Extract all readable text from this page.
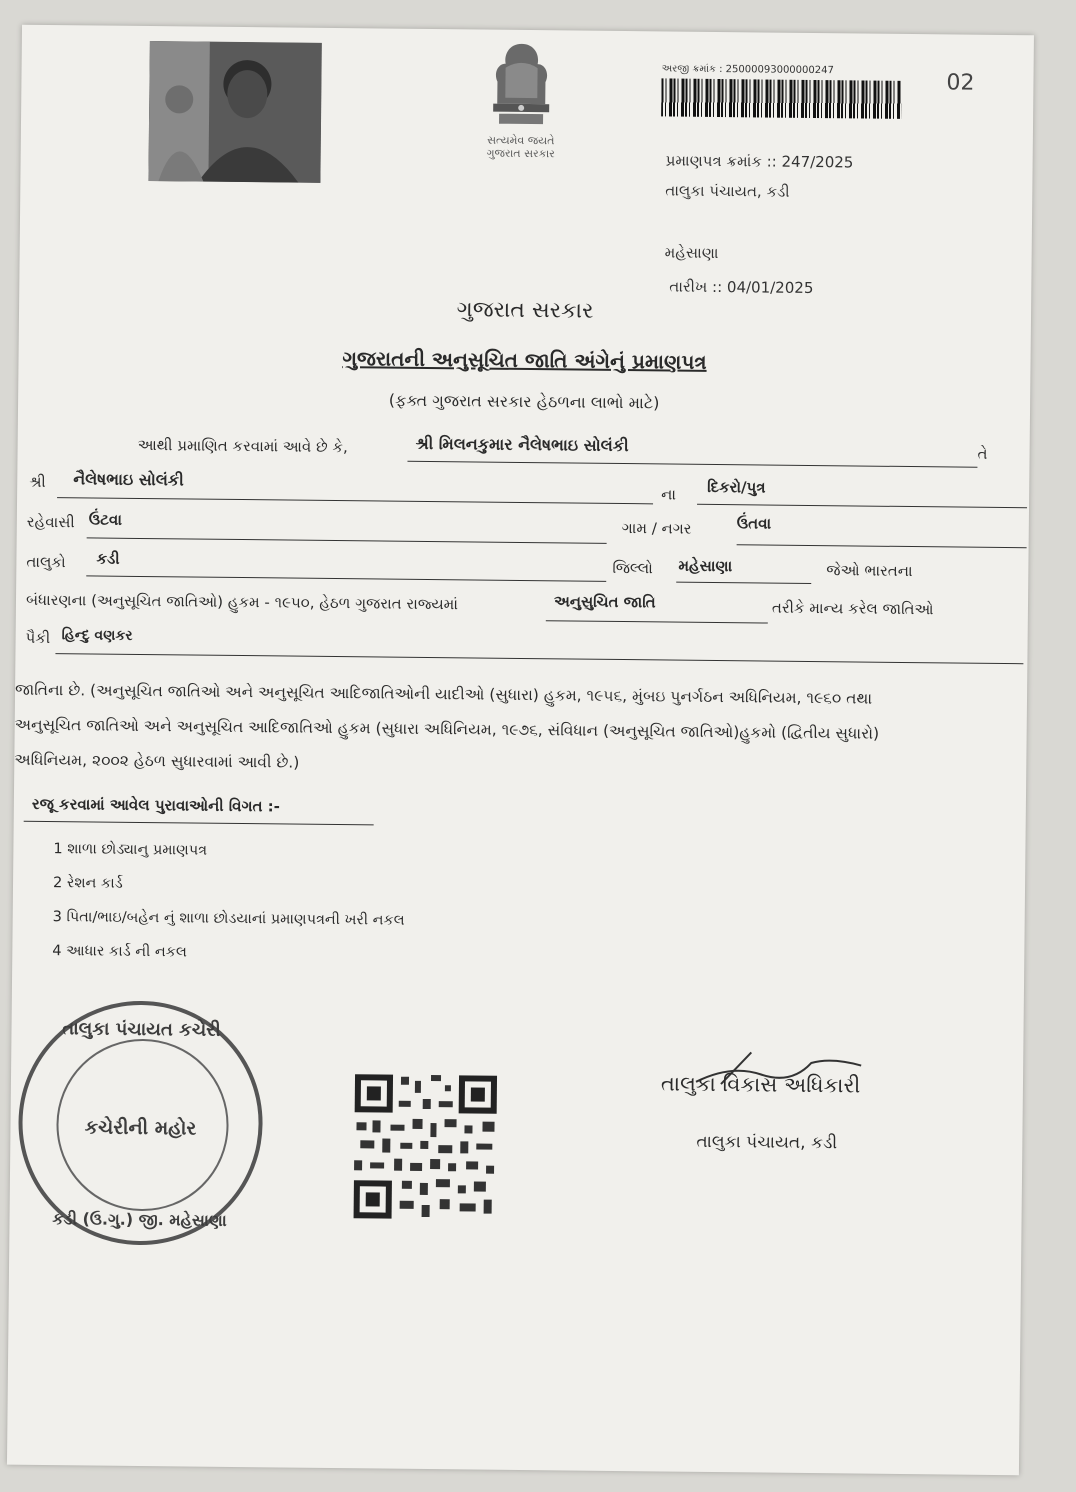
સત્યમેવ જયતે
ગુજરાત સરકાર
અરજી ક્રમાંક : 25000093000000247
02
પ્રમાણપત્ર ક્રમાંક :: 247/2025
તાલુકા પંચાયત, કડી
મહેસાણા
તારીખ :: 04/01/2025
ગુજરાત સરકાર
ગુજરાતની અનુસૂચિત જાતિ અંગેનું પ્રમાણપત્ર
(ફક્ત ગુજરાત સરકાર હેઠળના લાભો માટે)
આથી પ્રમાણિત કરવામાં આવે છે કે,	શ્રી મિલનકુમાર નૈલેષભાઇ સોલંકી	તે
શ્રી નૈલેષભાઇ સોલંકી
ના દિકરો/પુત્ર
રહેવાસી ઉંટવા	ગામ / નગર	ઉંતવા
તાલુકો કડી
જિલ્લો મહેસાણા	જેઓ ભારતના
બંધારણના (અનુસૂચિત જાતિઓ) હુકમ - ૧૯૫૦, હેઠળ ગુજરાત રાજ્યમાં	અનુસુચિત જાતિ	તરીકે માન્ય કરેલ જાતિઓ
પૈકી હિન્દુ વણકર
જાતિના છે. (અનુસૂચિત જાતિઓ અને અનુસૂચિત આદિજાતિઓની યાદીઓ (સુધારા) હુકમ, ૧૯૫૬, મુંબઇ પુનર્ગઠન અધિનિયમ, ૧૯૬૦ તથા
અનુસૂચિત જાતિઓ અને અનુસૂચિત આદિજાતિઓ હુકમ (સુધારા અધિનિયમ, ૧૯૭૬, સંવિધાન (અનુસૂચિત જાતિઓ)હુકમો (દ્વિતીય સુધારો)
અધિનિયમ, ૨૦૦૨ હેઠળ સુધારવામાં આવી છે.)
રજૂ કરવામાં આવેલ પુરાવાઓની વિગત :-
1 શાળા છોડ્યાનુ પ્રમાણપત્ર
2 રેશન કાર્ડ
3 પિતા/ભાઇ/બહેન નું શાળા છોડયાનાં પ્રમાણપત્રની ખરી નકલ
4 આધાર કાર્ડ ની નકલ
તાલુકા પંચાયત કચેરી
કચેરીની મહોર
કડી (ઉ.ગુ.) જી. મહેસાણા
તાલુકા વિકાસ અધિકારી
તાલુકા પંચાયત, કડી
